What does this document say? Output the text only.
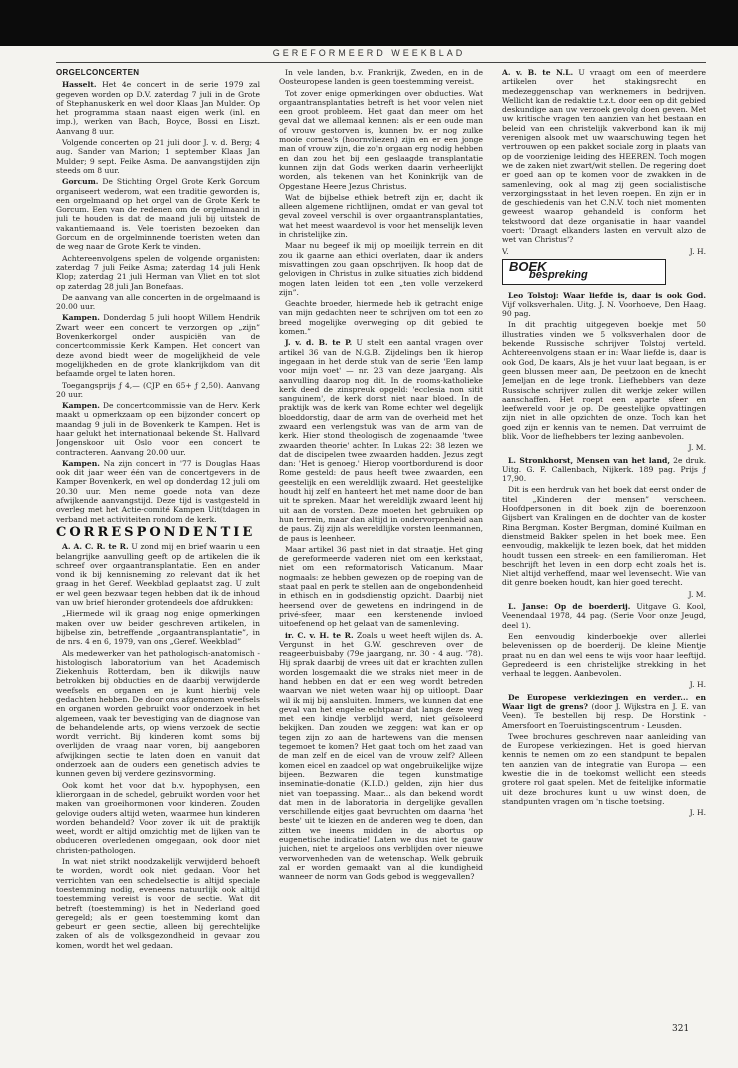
GEREFORMEERD WEEKBLAD
ORGELCONCERTEN

Hasselt. Het 4e concert in de serie 1979 zal gegeven worden op D.V. zaterdag 7 juli in de Grote of Stephanuskerk en wel door Klaas Jan Mulder. Op het programma staan naast eigen werk (inl. en imp.), werken van Bach, Boyce, Bossi en Liszt. Aanvang 8 uur.

Volgende concerten op 21 juli door J. v. d. Berg; 4 aug. Sander van Marion; 1 september Klaas Jan Mulder; 9 sept. Feike Asma. De aanvangstijden zijn steeds om 8 uur.

Gorcum. De Stichting Orgel Grote Kerk Gorcum organiseert wederom, wat een traditie geworden is, een orgelmaand op het orgel van de Grote Kerk te Gorcum. Een van de redenen om de orgelmaand in juli te houden is dat de maand juli bij uitstek de vakantiemaand is. Vele toeristen bezoeken dan Gorcum en de orgelminnende toeristen weten dan de weg naar de Grote Kerk te vinden.

Achtereenvolgens spelen de volgende organisten: zaterdag 7 juli Feike Asma; zaterdag 14 juli Henk Klop; zaterdag 21 juli Herman van Vliet en tot slot op zaterdag 28 juli Jan Bonefaas.

De aanvang van alle concerten in de orgelmaand is 20.00 uur.

Kampen. Donderdag 5 juli hoopt Willem Hendrik Zwart weer een concert te verzorgen op „zijn” Bovenkerkorgel onder auspiciën van de concertcommissie Kerk Kampen. Het concert van deze avond biedt weer de mogelijkheid de vele mogelijkheden en de grote klankrijkdom van dit befaamde orgel te laten horen.

Toegangsprijs ƒ 4,— (CJP en 65+ ƒ 2,50). Aanvang 20 uur.

Kampen. De concertcommissie van de Herv. Kerk maakt u opmerkzaam op een bijzonder concert op maandag 9 juli in de Bovenkerk te Kampen. Het is haar gelukt het internationaal bekende St. Hallvard Jongenskoor uit Oslo voor een concert te contracteren. Aanvang 20.00 uur.

Kampen. Na zijn concert in '77 is Douglas Haas ook dit jaar weer één van de concertgevers in de Kamper Bovenkerk, en wel op donderdag 12 juli om 20.30 uur. Men neme goede nota van deze afwijkende aanvangstijd. Deze tijd is vastgesteld in overleg met het Actie-comité Kampen Uit(tdagen in verband met activiteiten rondom de kerk.

CORRESPONDENTIE

A. A. C. R. te R. U zond mij en brief waarin u een belangrijke aanvulling geeft op de artikelen die ik schreef over orgaantransplantatie. Een en ander vond ik bij kennisneming zo relevant dat ik het graag in het Geref. Weekblad geplaatst zag. U zult er wel geen bezwaar tegen hebben dat ik de inhoud van uw brief hieronder grotendeels doe afdrukken:

„Hiermede wil ik graag nog enige opmerkingen maken over uw beider geschreven artikelen, in bijbelse zin, betreffende „orgaantransplantatie”, in de nrs. 4 en 6, 1979, van ons „Geref. Weekblad”

Als medewerker van het pathologisch-anatomisch -histologisch laboratorium van het Academisch Ziekenhuis Rotterdam, ben ik dikwijls nauw betrokken bij obducties en de daarbij verwijderde weefsels en organen en je kunt hierbij vele gedachten hebben. De door ons afgenomen weefsels en organen worden gebruikt voor onderzoek in het algemeen, vaak ter bevestiging van de diagnose van de behandelende arts, op wiens verzoek de sectie wordt verricht. Bij kinderen komt soms bij overlijden de vraag naar voren, bij aangeboren afwijkingen sectie te laten doen en vanuit dat onderzoek aan de ouders een genetisch advies te kunnen geven bij verdere gezinsvorming.

Ook komt het voor dat b.v. hypophysen, een klierorgaan in de schedel, gebruikt worden voor het maken van groeihormonen voor kinderen. Zouden gelovige ouders altijd weten, waarmee hun kinderen worden behandeld? Voor zover ik uit de praktijk weet, wordt er altijd omzichtig met de lijken van te obduceren overledenen omgegaan, ook door niet christen-pathologen.

In wat niet strikt noodzakelijk verwijderd behoeft te worden, wordt ook niet gedaan. Voor het verrichten van een schedelsectie is altijd speciale toestemming nodig, eveneens natuurlijk ook altijd toestemming vereist is voor de sectie. Wat dit betreft (toestemming) is het in Nederland goed geregeld; als er geen toestemming komt dan gebeurt er geen sectie, alleen bij gerechtelijke zaken of als de volksgezondheid in gevaar zou komen, wordt het wel gedaan.

In vele landen, b.v. Frankrijk, Zweden, en in de Oosteuropese landen is geen toestemming vereist.

Tot zover enige opmerkingen over obducties. Wat orgaantransplantaties betreft is het voor velen niet een groot probleem. Het gaat dan meer om het geval dat we allemaal kennen: als er een oude man of vrouw gestorven is, kunnen bv. er nog zulke mooie cornea's (hoornvliezen) zijn en er een jonge man of vrouw zijn, die zo'n orgaan erg nodig hebben en dan zou het bij een geslaagde transplantatie kunnen zijn dat Gods werken daarin verheerlijkt worden, als tekenen van het Koninkrijk van de Opgestane Heere Jezus Christus.

Wat de bijbelse ethiek betreft zijn er, dacht ik alleen algemene richtlijnen, omdat er van geval tot geval zoveel verschil is over orgaantransplantaties, wat het meest waardevol is voor het menselijk leven in christelijke zin.

Maar nu begeef ik mij op moeilijk terrein en dit zou ik gaarne aan ethici overlaten, daar ik anders misvattingen zou gaan opschrijven. Ik hoop dat de gelovigen in Christus in zulke situaties zich biddend mogen laten leiden tot een „ten volle verzekerd zijn”.

Geachte broeder, hiermede heb ik getracht enige van mijn gedachten neer te schrijven om tot een zo breed mogelijke overweging op dit gebied te komen.”

J. v. d. B. te P. U stelt een aantal vragen over artikel 36 van de N.G.B. Zijdelings ben ik hierop ingegaan in het derde stuk van de serie 'Een lamp voor mijn voet' — nr. 23 van deze jaargang. Als aanvulling daarop nog dit. In de rooms-katholieke kerk deed de zinspreuk opgeld: 'ecclesia non sitit sanguinem', de kerk dorst niet naar bloed. In de praktijk was de kerk van Rome echter wel degelijk bloeddorstig, daar de arm van de overheid met het zwaard een verlengstuk was van de arm van de kerk. Hier stond theologisch de zogenaamde 'twee zwaarden theorie' achter. In Lukas 22: 38 lezen we dat de discipelen twee zwaarden hadden. Jezus zegt dan: 'Het is genoeg.' Hierop voortbordurend is door Rome gesteld: de paus heeft twee zwaarden, een geestelijk en een wereldlijk zwaard. Het geestelijke houdt hij zelf en hanteert het met name door de ban uit te spreken. Maar het wereldlijk zwaard leent hij uit aan de vorsten. Deze moeten het gebruiken op hun terrein, maar dan altijd in ondervorpenheid aan de paus. Zij zijn als wereldlijke vorsten leenmannen, de paus is leenheer.

Maar artikel 36 past niet in dat straatje. Het ging de gereformeerde vaderen niet om een kerkstaat, niet om een reformatorisch Vaticanum. Maar nogmaals: ze hebben gewezen op de roeping van de staat paal en perk te stellen aan de ongebondenheid in ethisch en in godsdienstig opzicht. Daarbij niet heersend over de gewetens en indringend in de privé-sfeer, maar een kerstenende invloed uitoefenend op het gelaat van de samenleving.

ir. C. v. H. te R. Zoals u weet heeft wijlen ds. A. Vergunst in het G.W. geschreven over de reageerbuisbaby (79e jaargang, nr. 30 - 4 aug. '78). Hij sprak daarbij de vrees uit dat er krachten zullen worden losgemaakt die we straks niet meer in de hand hebben en dat er een weg wordt betreden waarvan we niet weten waar hij op uitloopt. Daar wil ik mij bij aansluiten. Immers, we kunnen dat ene geval van het engelse echtpaar dat langs deze weg met een kindje verblijd werd, niet geïsoleerd bekijken. Dan zouden we zeggen: wat kan er op tegen zijn zo aan de hartewens van die mensen tegemoet te komen? Het gaat toch om het zaad van de man zelf en de eicel van de vrouw zelf? Alleen komen eicel en zaadcel op wat ongebruikelijke wijze bijeen. Bezwaren die tegen kunstmatige inseminatie-donatie (K.I.D.) gelden, zijn hier dus niet van toepassing. Maar... als dan bekend wordt dat men in de laboratoria in dergelijke gevallen verschillende eitjes gaat bevruchten om daarna 'het beste' uit te kiezen en de anderen weg te doen, dan zitten we ineens midden in de abortus op eugenetische indicatie! Laten we dus niet te gauw juichen, niet te argeloos ons verblijden over nieuwe verworvenheden van de wetenschap. Welk gebruik zal er worden gemaakt van al die kundigheid wanneer de norm van Gods gebod is weggevallen?

A. v. B. te N.L. U vraagt om een of meerdere artikelen over het stakingsrecht en medezeggenschap van werknemers in bedrijven. Wellicht kan de redaktie t.z.t. door een op dit gebied deskundige aan uw verzoek gevolg doen geven. Met uw kritische vragen ten aanzien van het bestaan en beleid van een christelijk vakverbond kan ik mij verenigen alsook met uw waarschuwing tegen het vertrouwen op een pakket sociale zorg in plaats van op de voorzienige leiding des HEEREN. Toch mogen we de zaken niet zwart/wit stellen. De regering doet er goed aan op te komen voor de zwakken in de samenleving, ook al mag zij geen socialistische verzorgingsstaat in het leven roepen. En zijn er in de geschiedenis van het C.N.V. toch niet momenten geweest waarop gehandeld is conform het tekstwoord dat deze organisatie in haar vaandel voert: 'Draagt elkanders lasten en vervult alzo de wet van Christus'?

V.	J. H.
BOEK
bespreking

Leo Tolstoj: Waar liefde is, daar is ook God. Vijf volksverhalen. Uitg. J. N. Voorhoeve, Den Haag. 90 pag.

In dit prachtig uitgegeven boekje met 50 illustraties vinden we 5 volksverhalen door de bekende Russische schrijver Tolstoj verteld. Achtereenvolgens staan er in: Waar liefde is, daar is ook God, De kaars, Als je het vuur laat begaan, is er geen blussen meer aan, De peetzoon en de knecht Jemeljan en de lege tronk. Liefhebbers van deze Russische schrijver zullen dit werkje zeker willen aanschaffen. Het roept een aparte sfeer en leefwereld voor je op. De geestelijke opvattingen zijn niet in alle opzichten de onze. Toch kan het goed zijn er kennis van te nemen. Dat verruimt de blik. Voor de liefhebbers ter lezing aanbevolen.

J. M.

L. Stronkhorst, Mensen van het land, 2e druk. Uitg. G. F. Callenbach, Nijkerk. 189 pag. Prijs ƒ 17,90.

Dit is een herdruk van het boek dat eerst onder de titel „Kinderen der mensen” verscheen. Hoofdpersonen in dit boek zijn de boerenzoon Gijsbert van Kralingen en de dochter van de koster Rina Bergman. Koster Bergman, dominé Kuilman en dienstmeid Bakker spelen in het boek mee. Een eenvoudig, makkelijk te lezen boek, dat het midden houdt tussen een streek- en een familieroman. Het beschrijft het leven in een dorp echt zoals het is. Niet altijd verheffend, maar wel levensecht. Wie van dit genre boeken houdt, kan hier goed terecht.

J. M.

L. Janse: Op de boerderij. Uitgave G. Kool, Veenendaal 1978, 44 pag. (Serie Voor onze Jeugd, deel 1).

Een eenvoudig kinderboekje over allerlei belevenissen op de boerderij. De kleine Mientje praat nu en dan wel eens te wijs voor haar leeftijd. Gepredeerd is een christelijke strekking in het verhaal te leggen. Aanbevolen.

J. H.

De Europese verkiezingen en verder... en Waar ligt de grens? (door J. Wijkstra en J. E. van Veen). Te bestellen bij resp. De Horstink - Amersfoort en Toeruistingscentrum - Leusden.

Twee brochures geschreven naar aanleiding van de Europese verkiezingen. Het is goed hiervan kennis te nemen om zo een standpunt te bepalen ten aanzien van de integratie van Europa — een kwestie die in de toekomst wellicht een steeds grotere rol gaat spelen. Met de feitelijke informatie uit deze brochures kunt u uw winst doen, de standpunten vragen om 'n tische toetsing.

J. H.
321
